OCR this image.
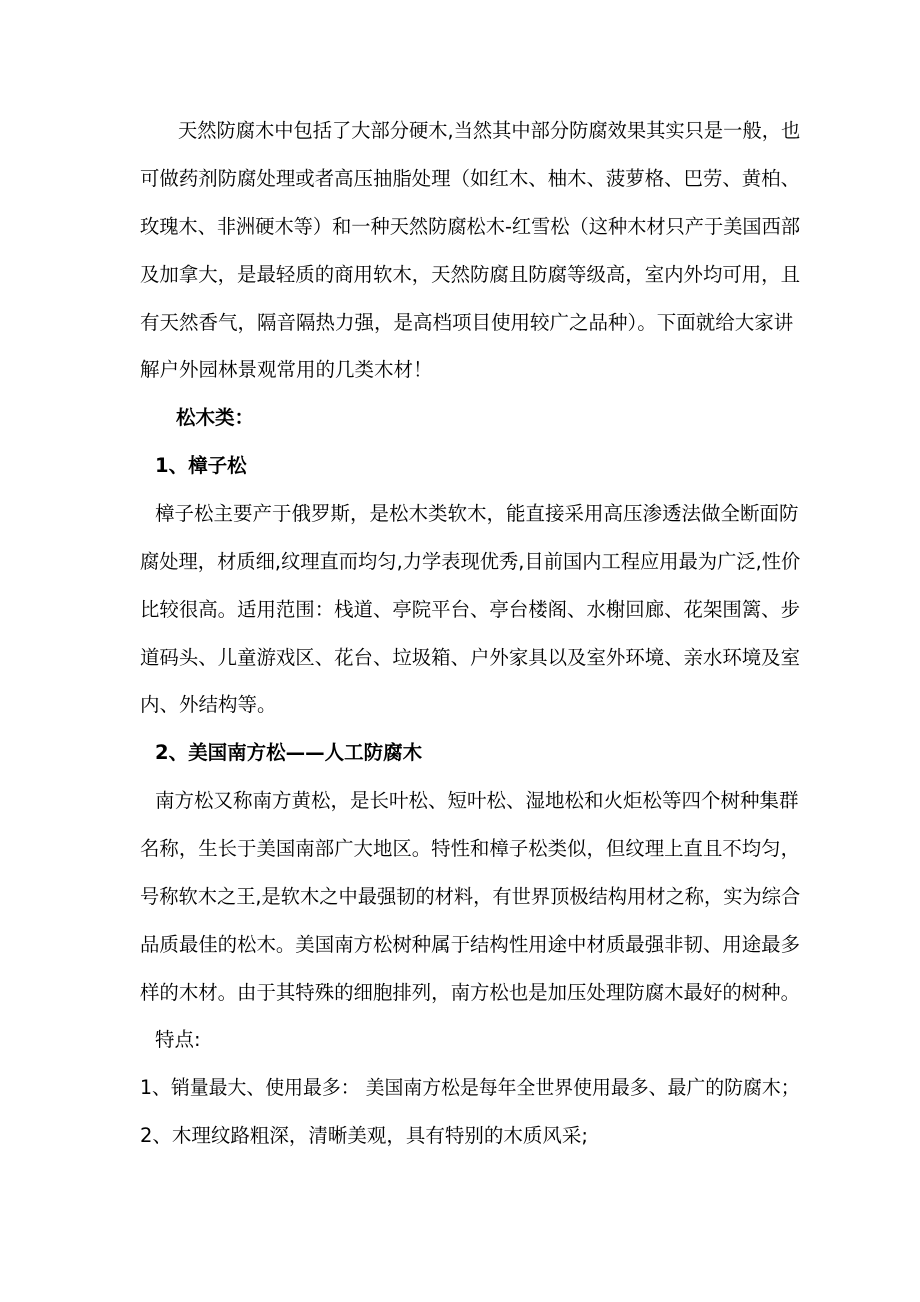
天然防腐木中包括了大部分硬木,当然其中部分防腐效果其实只是一般，也
可做药剂防腐处理或者高压抽脂处理（如红木、柚木、菠萝格、巴劳、黄柏、
玫瑰木、非洲硬木等）和一种天然防腐松木-红雪松（这种木材只产于美国西部
及加拿大，是最轻质的商用软木，天然防腐且防腐等级高，室内外均可用，且
有天然香气，隔音隔热力强，是高档项目使用较广之品种）。下面就给大家讲
解户外园林景观常用的几类木材！
松木类：
1、樟子松
樟子松主要产于俄罗斯，是松木类软木，能直接采用高压渗透法做全断面防
腐处理，材质细,纹理直而均匀,力学表现优秀,目前国内工程应用最为广泛,性价
比较很高。适用范围：栈道、亭院平台、亭台楼阁、水榭回廊、花架围篱、步
道码头、儿童游戏区、花台、垃圾箱、户外家具以及室外环境、亲水环境及室
内、外结构等。
2、美国南方松——人工防腐木
南方松又称南方黄松，是长叶松、短叶松、湿地松和火炬松等四个树种集群
名称，生长于美国南部广大地区。特性和樟子松类似，但纹理上直且不均匀，
号称软木之王,是软木之中最强韧的材料，有世界顶极结构用材之称，实为综合
品质最佳的松木。美国南方松树种属于结构性用途中材质最强非韧、用途最多
样的木材。由于其特殊的细胞排列，南方松也是加压处理防腐木最好的树种。
特点:
1、销量最大、使用最多： 美国南方松是每年全世界使用最多、最广的防腐木；
2、木理纹路粗深，清晰美观，具有特别的木质风采;
